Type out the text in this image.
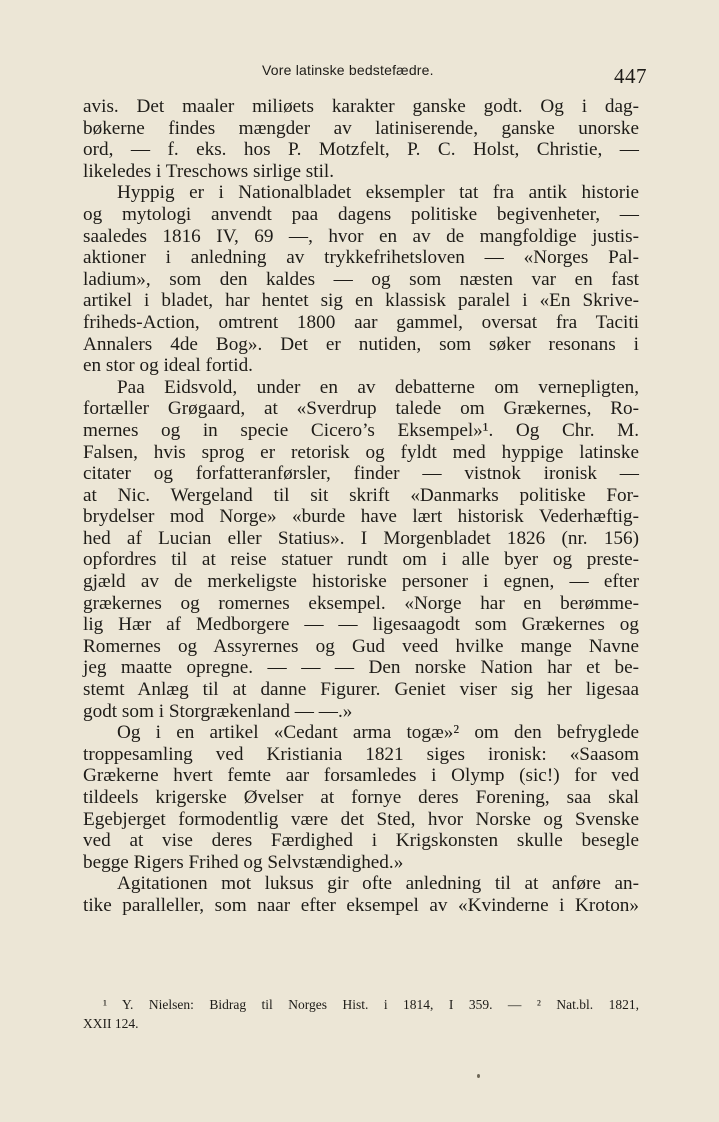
Vore latinske bedstefædre.	447
avis. Det maaler miliøets karakter ganske godt. Og i dag-
bøkerne findes mængder av latiniserende, ganske unorske
ord, — f. eks. hos P. Motzfelt, P. C. Holst, Christie, —
likeledes i Treschows sirlige stil.
Hyppig er i Nationalbladet eksempler tat fra antik historie
og mytologi anvendt paa dagens politiske begivenheter, —
saaledes 1816 IV, 69 —, hvor en av de mangfoldige justis-
aktioner i anledning av trykkefrihetsloven — «Norges Pal-
ladium», som den kaldes — og som næsten var en fast
artikel i bladet, har hentet sig en klassisk paralel i «En Skrive-
friheds-Action, omtrent 1800 aar gammel, oversat fra Taciti
Annalers 4de Bog». Det er nutiden, som søker resonans i
en stor og ideal fortid.
Paa Eidsvold, under en av debatterne om vernepligten,
fortæller Grøgaard, at «Sverdrup talede om Grækernes, Ro-
mernes og in specie Cicero’s Eksempel»¹. Og Chr. M.
Falsen, hvis sprog er retorisk og fyldt med hyppige latinske
citater og forfatteranførsler, finder — vistnok ironisk —
at Nic. Wergeland til sit skrift «Danmarks politiske For-
brydelser mod Norge» «burde have lært historisk Vederhæftig-
hed af Lucian eller Statius». I Morgenbladet 1826 (nr. 156)
opfordres til at reise statuer rundt om i alle byer og preste-
gjæld av de merkeligste historiske personer i egnen, — efter
grækernes og romernes eksempel. «Norge har en berømme-
lig Hær af Medborgere — — ligesaagodt som Grækernes og
Romernes og Assyrernes og Gud veed hvilke mange Navne
jeg maatte opregne. — — — Den norske Nation har et be-
stemt Anlæg til at danne Figurer. Geniet viser sig her ligesaa
godt som i Storgrækenland — —.»
Og i en artikel «Cedant arma togæ»² om den befryglede
troppesamling ved Kristiania 1821 siges ironisk: «Saasom
Grækerne hvert femte aar forsamledes i Olymp (sic!) for ved
tildeels krigerske Øvelser at fornye deres Forening, saa skal
Egebjerget formodentlig være det Sted, hvor Norske og Svenske
ved at vise deres Færdighed i Krigskonsten skulle besegle
begge Rigers Frihed og Selvstændighed.»
Agitationen mot luksus gir ofte anledning til at anføre an-
tike paralleller, som naar efter eksempel av «Kvinderne i Kroton»
¹ Y. Nielsen: Bidrag til Norges Hist. i 1814, I 359. — ² Nat.bl. 1821,
XXII 124.
